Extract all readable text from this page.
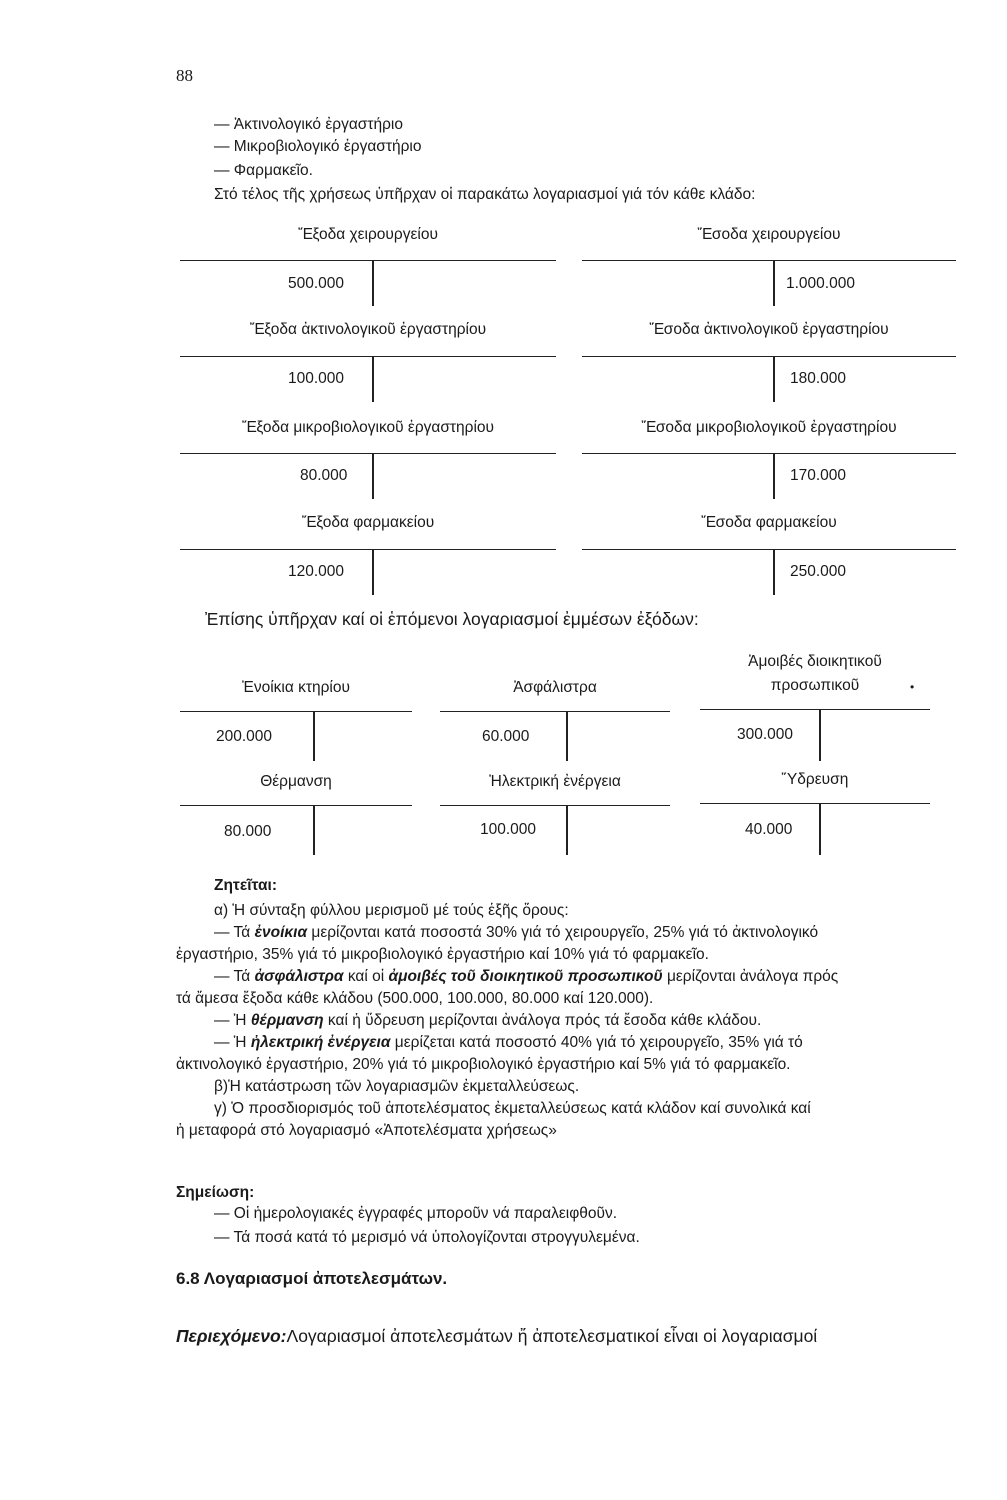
88
— Ἀκτινολογικό ἐργαστήριο
— Μικροβιολογικό ἐργαστήριο
— Φαρμακεῖο.
Στό τέλος τῆς χρήσεως ὑπῆρχαν οἱ παρακάτω λογαριασμοί γιά τόν κάθε κλάδο:
Ἔξοδα χειρουργείου
500.000
Ἔσοδα χειρουργείου
1.000.000
Ἔξοδα ἀκτινολογικοῦ ἐργαστηρίου
100.000
Ἔσοδα ἀκτινολογικοῦ ἐργαστηρίου
180.000
Ἔξοδα μικροβιολογικοῦ ἐργαστηρίου
80.000
Ἔσοδα μικροβιολογικοῦ ἐργαστηρίου
170.000
Ἔξοδα φαρμακείου
120.000
Ἔσοδα φαρμακείου
250.000
Ἐπίσης ὑπῆρχαν καί οἱ ἑπόμενοι λογαριασμοί ἐμμέσων ἐξόδων:
Ἐνοίκια κτηρίου
200.000
Ἀσφάλιστρα
60.000
Ἀμοιβές διοικητικοῦ
προσωπικοῦ	•
300.000
Θέρμανση
80.000
Ἠλεκτρική ἐνέργεια
100.000
Ὕδρευση
40.000
Ζητεῖται:

α) Ἡ σύνταξη φύλλου μερισμοῦ μέ τούς ἑξῆς ὅρους:

— Τά ἐνοίκια μερίζονται κατά ποσοστά 30% γιά τό χειρουργεῖο, 25% γιά τό ἀκτινολογικό

ἐργαστήριο, 35% γιά τό μικροβιολογικό ἐργαστήριο καί 10% γιά τό φαρμακεῖο.

— Τά ἀσφάλιστρα καί οἱ ἀμοιβές τοῦ διοικητικοῦ προσωπικοῦ μερίζονται ἀνάλογα πρός

τά ἄμεσα ἔξοδα κάθε κλάδου (500.000, 100.000, 80.000 καί 120.000).

— Ἡ θέρμανση καί ἡ ὕδρευση μερίζονται ἀνάλογα πρός τά ἔσοδα κάθε κλάδου.

— Ἡ ἠλεκτρική ἐνέργεια μερίζεται κατά ποσοστό 40% γιά τό χειρουργεῖο, 35% γιά τό

ἀκτινολογικό ἐργαστήριο, 20% γιά τό μικροβιολογικό ἐργαστήριο καί 5% γιά τό φαρμακεῖο.

β)Ἡ κατάστρωση τῶν λογαριασμῶν ἐκμεταλλεύσεως.

γ) Ὁ προσδιορισμός τοῦ ἀποτελέσματος ἐκμεταλλεύσεως κατά κλάδον καί συνολικά καί

ἡ μεταφορά στό λογαριασμό «Ἀποτελέσματα χρήσεως»

Σημείωση:
— Οἱ ἡμερολογιακές ἐγγραφές μποροῦν νά παραλειφθοῦν.
— Τά ποσά κατά τό μερισμό νά ὑπολογίζονται στρογγυλεμένα.
6.8 Λογαριασμοί ἀποτελεσμάτων.
Περιεχόμενο:Λογαριασμοί ἀποτελεσμάτων ἤ ἀποτελεσματικοί εἶναι οἱ λογαριασμοί
